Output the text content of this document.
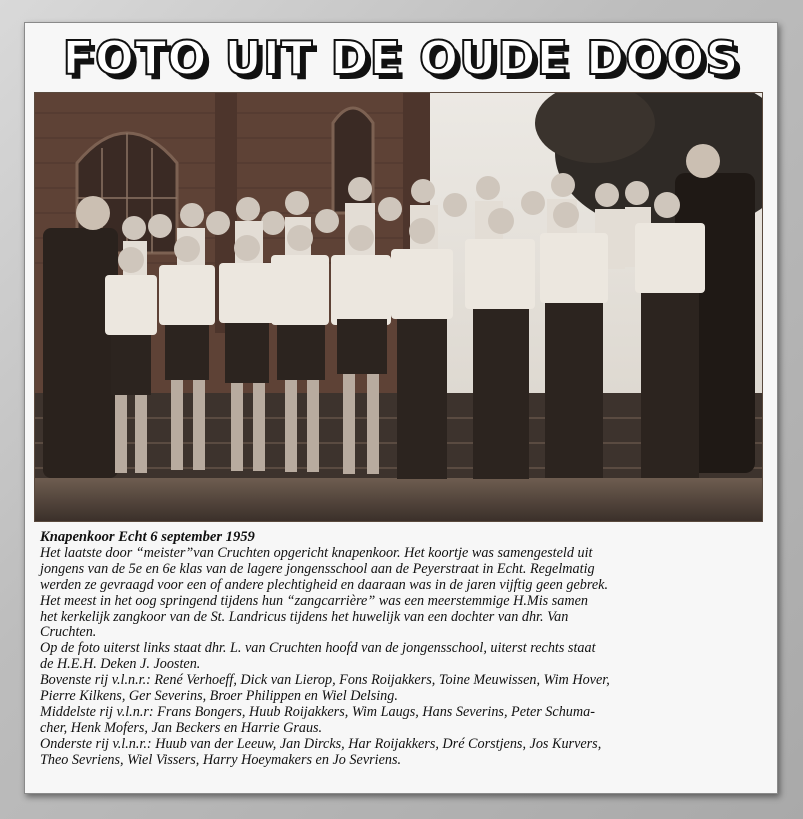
FOTO UIT DE OUDE DOOS
Knapenkoor Echt 6 september 1959
Het laatste door “meister”van Cruchten opgericht knapenkoor. Het koortje was samengesteld uit
jongens van de 5e en 6e klas van de lagere jongensschool aan de Peyerstraat in Echt. Regelmatig
werden ze gevraagd voor een of andere plechtigheid en daaraan was in de jaren vijftig geen gebrek.
Het meest in het oog springend tijdens hun “zangcarrière” was een meerstemmige H.Mis samen
het kerkelijk zangkoor van de St. Landricus tijdens het huwelijk van een dochter van dhr. Van
Cruchten.
Op de foto uiterst links staat dhr. L. van Cruchten hoofd van de jongensschool, uiterst rechts staat
de H.E.H. Deken J. Joosten.
Bovenste rij v.l.n.r.: René Verhoeff, Dick van Lierop, Fons Roijakkers, Toine Meuwissen, Wim Hover,
Pierre Kilkens, Ger Severins, Broer Philippen en Wiel Delsing.
Middelste rij v.l.n.r: Frans Bongers, Huub Roijakkers, Wim Laugs, Hans Severins, Peter Schuma-
cher, Henk Mofers, Jan Beckers en Harrie Graus.
Onderste rij v.l.n.r.: Huub van der Leeuw, Jan Dircks, Har Roijakkers, Dré Corstjens, Jos Kurvers,
Theo Sevriens, Wiel Vissers, Harry Hoeymakers en Jo Sevriens.
